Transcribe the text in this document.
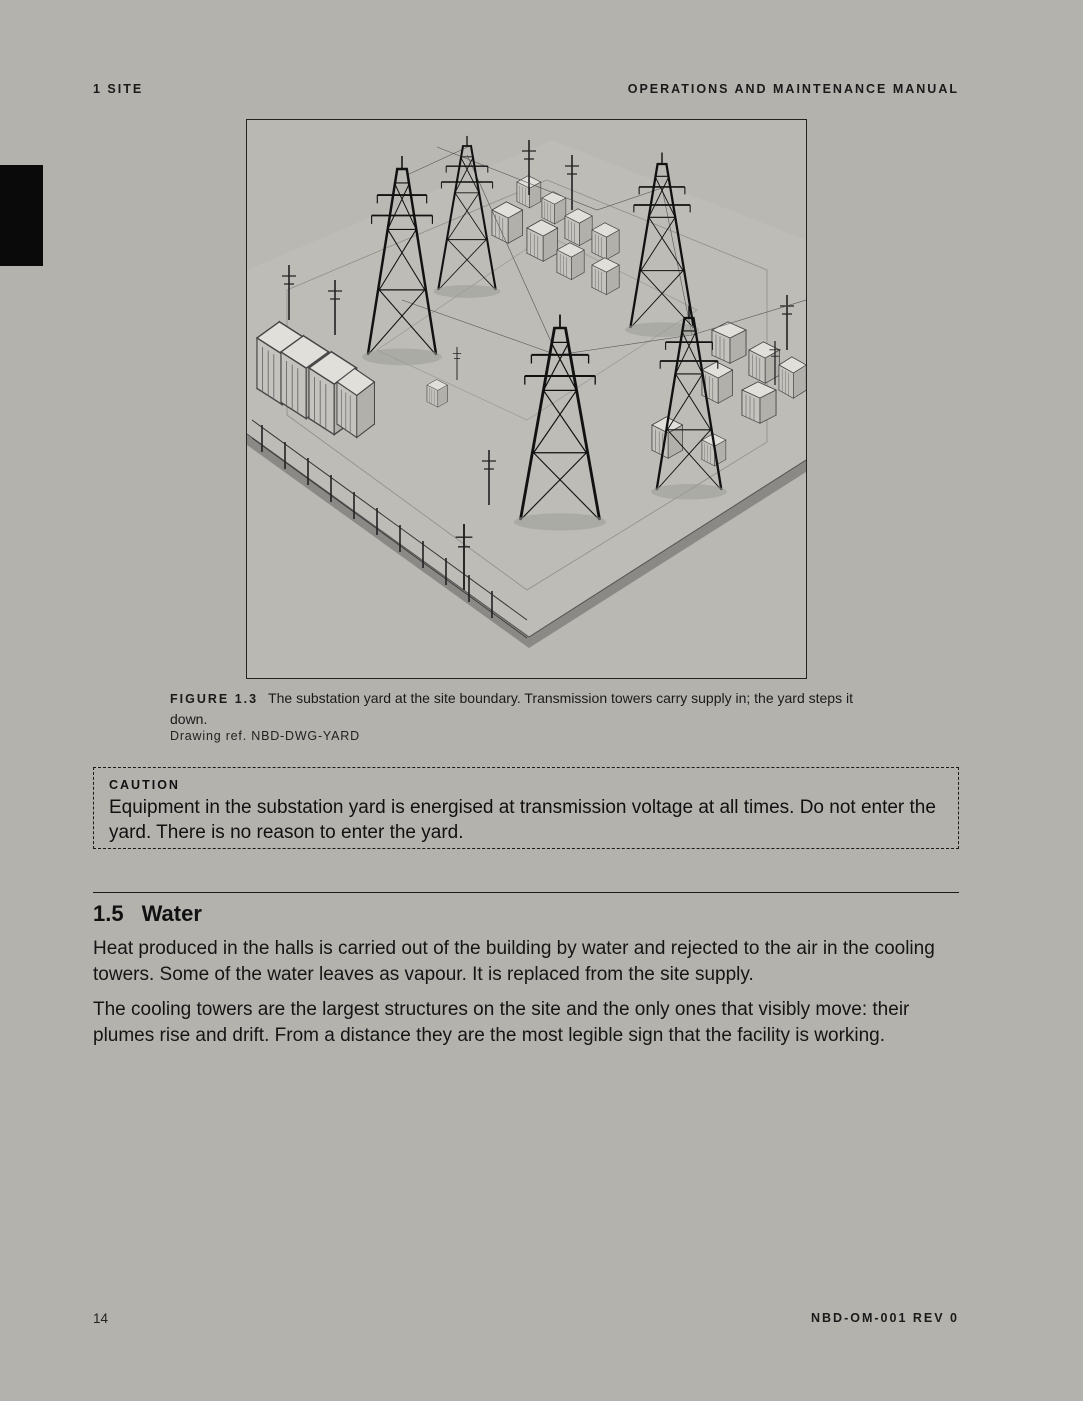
1 SITE	OPERATIONS AND MAINTENANCE MANUAL
FIGURE 1.3 The substation yard at the site boundary. Transmission towers carry supply in; the yard steps it down.
Drawing ref. NBD-DWG-YARD
CAUTION
Equipment in the substation yard is energised at transmission voltage at all times. Do not enter the yard. There is no reason to enter the yard.
1.5 Water

Heat produced in the halls is carried out of the building by water and rejected to the air in the cooling towers. Some of the water leaves as vapour. It is replaced from the site supply.

The cooling towers are the largest structures on the site and the only ones that visibly move: their plumes rise and drift. From a distance they are the most legible sign that the facility is working.

14	NBD-OM-001 REV 0
